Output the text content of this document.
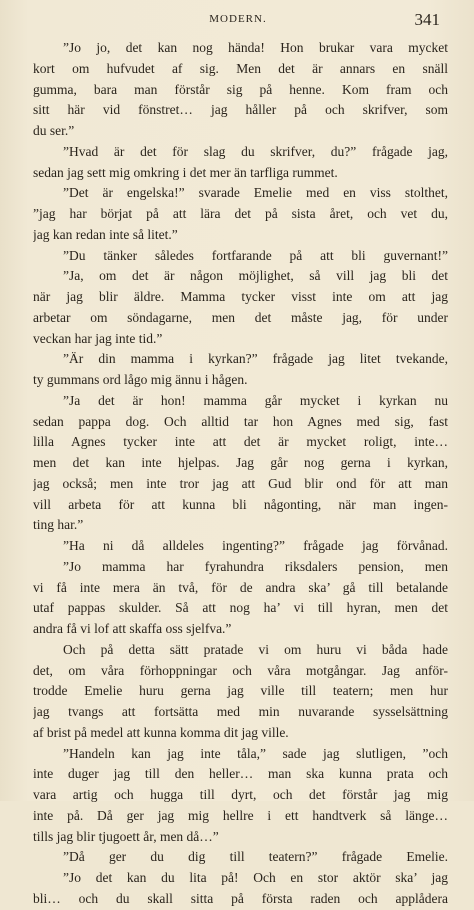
MODERN.	341
”Jo jo, det kan nog hända! Hon brukar vara mycket
kort om hufvudet af sig. Men det är annars en snäll
gumma, bara man förstår sig på henne. Kom fram och
sitt här vid fönstret… jag håller på och skrifver, som
du ser.”
”Hvad är det för slag du skrifver, du?” frågade jag,
sedan jag sett mig omkring i det mer än tarfliga rummet.
”Det är engelska!” svarade Emelie med en viss stolthet,
”jag har börjat på att lära det på sista året, och vet du,
jag kan redan inte så litet.”
”Du tänker således fortfarande på att bli guvernant!”
”Ja, om det är någon möjlighet, så vill jag bli det
när jag blir äldre. Mamma tycker visst inte om att jag
arbetar om söndagarne, men det måste jag, för under
veckan har jag inte tid.”
”Är din mamma i kyrkan?” frågade jag litet tvekande,
ty gummans ord lågo mig ännu i hågen.
”Ja det är hon! mamma går mycket i kyrkan nu
sedan pappa dog. Och alltid tar hon Agnes med sig, fast
lilla Agnes tycker inte att det är mycket roligt, inte…
men det kan inte hjelpas. Jag går nog gerna i kyrkan,
jag också; men inte tror jag att Gud blir ond för att man
vill arbeta för att kunna bli någonting, när man ingen-
ting har.”
”Ha ni då alldeles ingenting?” frågade jag förvånad.
”Jo mamma har fyrahundra riksdalers pension, men
vi få inte mera än två, för de andra ska’ gå till betalande
utaf pappas skulder. Så att nog ha’ vi till hyran, men det
andra få vi lof att skaffa oss sjelfva.”
Och på detta sätt pratade vi om huru vi båda hade
det, om våra förhoppningar och våra motgångar. Jag anför-
trodde Emelie huru gerna jag ville till teatern; men hur
jag tvangs att fortsätta med min nuvarande sysselsättning
af brist på medel att kunna komma dit jag ville.
”Handeln kan jag inte tåla,” sade jag slutligen, ”och
inte duger jag till den heller… man ska kunna prata och
vara artig och hugga till dyrt, och det förstår jag mig
inte på. Då ger jag mig hellre i ett handtverk så länge…
tills jag blir tjugoett år, men då…”
”Då ger du dig till teatern?” frågade Emelie.
”Jo det kan du lita på! Och en stor aktör ska’ jag
bli… och du skall sitta på första raden och applådera
